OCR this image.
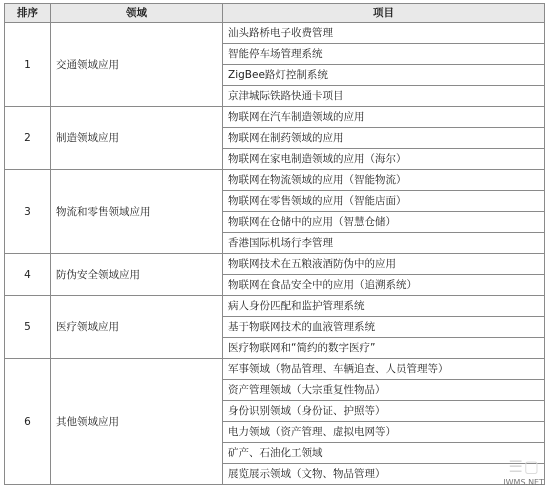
排序	领域	项目
1	交通领域应用	汕头路桥电子收费管理
		智能停车场管理系统
		ZigBee路灯控制系统
		京津城际铁路快通卡项目
2	制造领域应用	物联网在汽车制造领域的应用
		物联网在制药领域的应用
		物联网在家电制造领域的应用（海尔）
3	物流和零售领域应用	物联网在物流领域的应用（智能物流）
		物联网在零售领域的应用（智能店面）
		物联网在仓储中的应用（智慧仓储）
		香港国际机场行李管理
4	防伪安全领域应用	物联网技术在五粮液酒防伪中的应用
		物联网在食品安全中的应用（追溯系统）
5	医疗领域应用	病人身份匹配和监护管理系统
		基于物联网技术的血液管理系统
		医疗物联网和“简约的数字医疗”
6	其他领域应用	军事领域（物品管理、车辆追查、人员管理等）
		资产管理领域（大宗重复性物品）
		身份识别领域（身份证、护照等）
		电力领域（资产管理、虚拟电网等）
		矿产、石油化工领域
		展览展示领域（文物、物品管理）	☰▢
IWMS.NET
